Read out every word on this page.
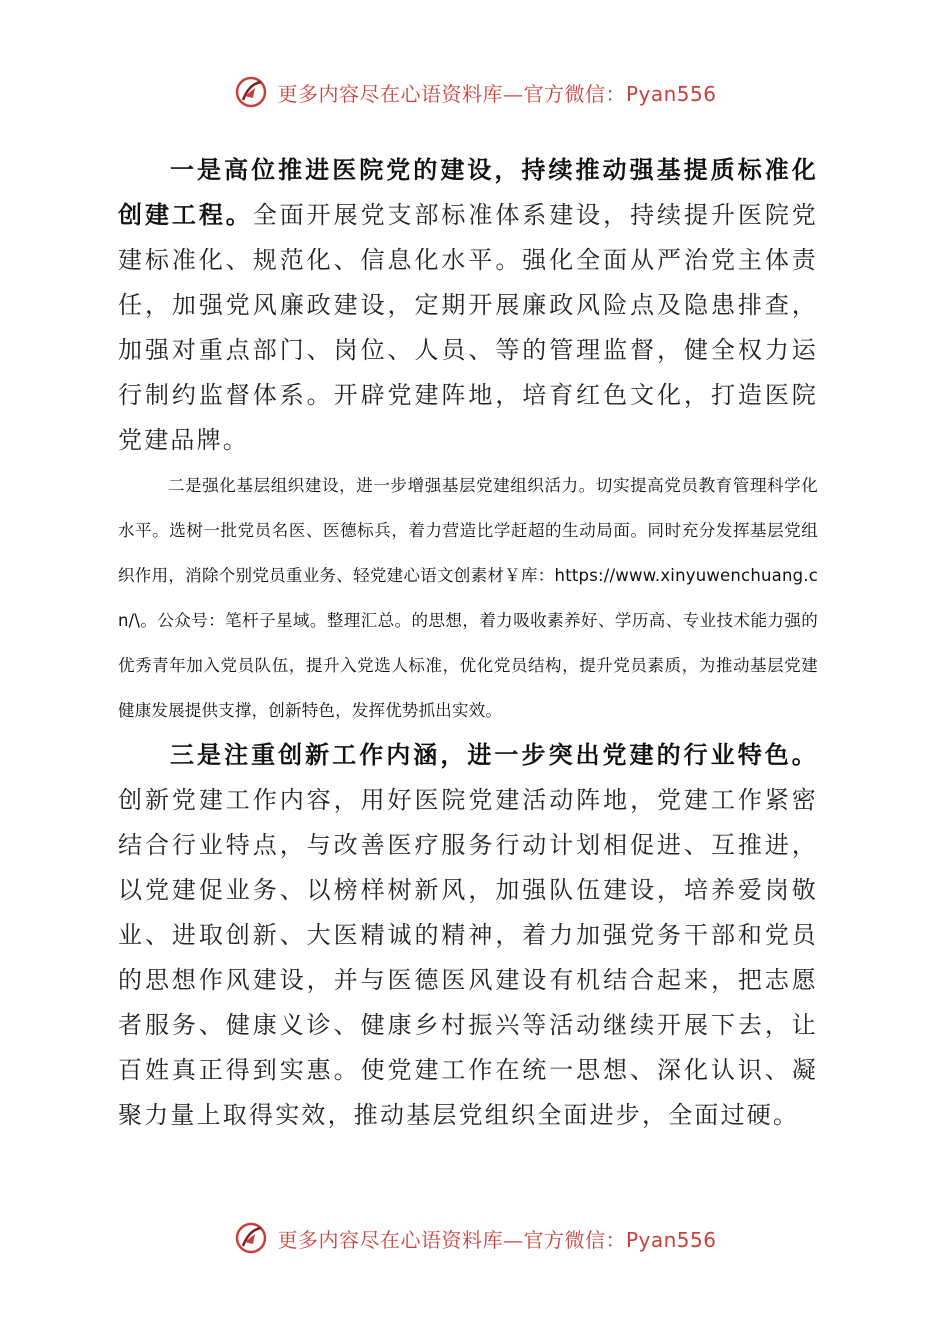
更多内容尽在心语资料库—官方微信：Pyan556

一是高位推进医院党的建设，持续推动强基提质标准化创建工程。全面开展党支部标准体系建设，持续提升医院党建标准化、规范化、信息化水平。强化全面从严治党主体责任，加强党风廉政建设，定期开展廉政风险点及隐患排查，加强对重点部门、岗位、人员、等的管理监督，健全权力运行制约监督体系。开辟党建阵地，培育红色文化，打造医院党建品牌。

二是强化基层组织建设，进一步增强基层党建组织活力。切实提高党员教育管理科学化水平。选树一批党员名医、医德标兵，着力营造比学赶超的生动局面。同时充分发挥基层党组织作用，消除个别党员重业务、轻党建心语文创素材￥库：https://www.xinyuwenchuang.cn/\。公众号：笔杆子星域。整理汇总。的思想，着力吸收素养好、学历高、专业技术能力强的优秀青年加入党员队伍，提升入党选人标准，优化党员结构，提升党员素质，为推动基层党建健康发展提供支撑，创新特色，发挥优势抓出实效。

三是注重创新工作内涵，进一步突出党建的行业特色。创新党建工作内容，用好医院党建活动阵地，党建工作紧密结合行业特点，与改善医疗服务行动计划相促进、互推进，以党建促业务、以榜样树新风，加强队伍建设，培养爱岗敬业、进取创新、大医精诚的精神，着力加强党务干部和党员的思想作风建设，并与医德医风建设有机结合起来，把志愿者服务、健康义诊、健康乡村振兴等活动继续开展下去，让百姓真正得到实惠。使党建工作在统一思想、深化认识、凝聚力量上取得实效，推动基层党组织全面进步，全面过硬。

更多内容尽在心语资料库—官方微信：Pyan556
